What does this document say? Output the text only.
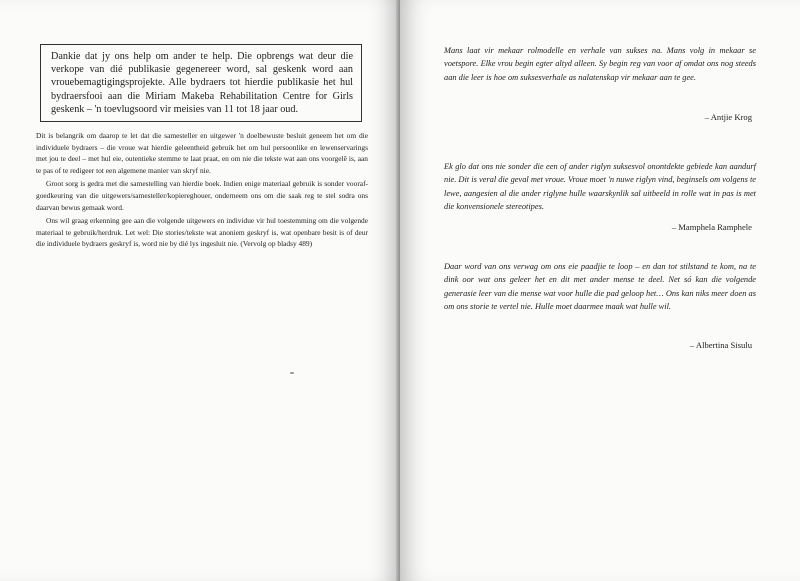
Dankie dat jy ons help om ander te help. Die opbrengs wat deur die verkope van dié publikasie gegenereer word, sal geskenk word aan vrouebemagtigingsprojekte. Alle bydraers tot hierdie publikasie het hul bydraersfooi aan die Miriam Makeba Rehabilitation Centre for Girls geskenk – 'n toevlugsoord vir meisies van 11 tot 18 jaar oud.

Dit is belangrik om daarop te let dat die samesteller en uitgewer 'n doelbewuste besluit geneem het om die individuele bydraers – die vroue wat hierdie geleentheid gebruik het om hul persoonlike en lewenservarings met jou te deel – met hul eie, outentieke stemme te laat praat, en om nie die tekste wat aan ons voorgelê is, aan te pas of te redigeer tot een algemene manier van skryf nie.

Groot sorg is gedra met die samestelling van hierdie boek. Indien enige materiaal gebruik is sonder voorafgoedkeuring van die uitgewers/samesteller/kopiereghouer, onderneem ons om die saak reg te stel sodra ons daarvan bewus gemaak word.

Ons wil graag erkenning gee aan die volgende uitgewers en individue vir hul toestemming om die volgende materiaal te gebruik/herdruk. Let wel: Die stories/tekste wat anoniem geskryf is, wat openbare besit is of deur die individuele bydraers geskryf is, word nie by dié lys ingesluit nie. (Vervolg op bladsy 489)

Mans laat vir mekaar rolmodelle en verhale van sukses na. Mans volg in mekaar se voetspore. Elke vrou begin egter altyd alleen. Sy begin reg van voor af omdat ons nog steeds aan die leer is hoe om suksesverhale as nalatenskap vir mekaar aan te gee.

– Antjie Krog

Ek glo dat ons nie sonder die een of ander riglyn suksesvol onontdekte gebiede kan aandurf nie. Dit is veral die geval met vroue. Vroue moet 'n nuwe riglyn vind, beginsels om volgens te lewe, aangesien al die ander riglyne hulle waarskynlik sal uitbeeld in rolle wat in pas is met die konvensionele stereotipes.

– Mamphela Ramphele

Daar word van ons verwag om ons eie paadjie te loop – en dan tot stilstand te kom, na te dink oor wat ons geleer het en dit met ander mense te deel. Net só kan die volgende generasie leer van die mense wat voor hulle die pad geloop het… Ons kan niks meer doen as om ons storie te vertel nie. Hulle moet daarmee maak wat hulle wil.

– Albertina Sisulu
